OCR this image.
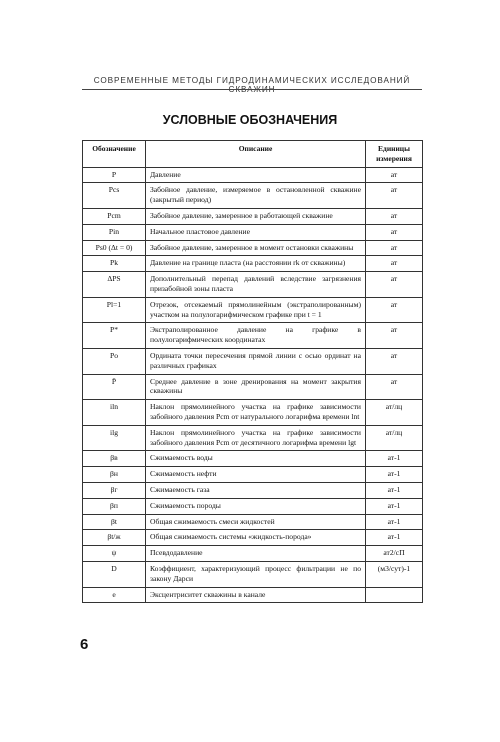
СОВРЕМЕННЫЕ МЕТОДЫ ГИДРОДИНАМИЧЕСКИХ ИССЛЕДОВАНИЙ СКВАЖИН
УСЛОВНЫЕ ОБОЗНАЧЕНИЯ
Обозначение	Описание	Единицы измерения
P	Давление	ат
Pcs	Забойное давление, измеряемое в остановленной скважине (закрытый период)	ат
Pcm	Забойное давление, замеренное в работающей скважине	ат
Pin	Начальное пластовое давление	ат
Ps0 (Δt = 0)	Забойное давление, замеренное в момент остановки скважины	ат
Pk	Давление на границе пласта (на расстоянии rk от скважины)	ат
ΔPS	Дополнительный перепад давлений вследствие загрязнения призабойной зоны пласта	ат
Pl=1	Отрезок, отсекаемый прямолинейным (экстраполированным) участком на полулогарифмическом графике при t = 1	ат
P*	Экстраполированное давление на графике в полулогарифмических координатах	ат
Po	Ордината точки пересечения прямой линии с осью ординат на различных графиках	ат
P̄	Среднее давление в зоне дренирования на момент закрытия скважины	ат
iln	Наклон прямолинейного участка на графике зависимости забойного давления Pcm от натурального логарифма времени lnt	ат/лц
ilg	Наклон прямолинейного участка на графике зависимости забойного давления Pcm от десятичного логарифма времени lgt	ат/лц
βв	Сжимаемость воды	ат-1
βн	Сжимаемость нефти	ат-1
βг	Сжимаемость газа	ат-1
βп	Сжимаемость породы	ат-1
βt	Общая сжимаемость смеси жидкостей	ат-1
βt/ж	Общая сжимаемость системы «жидкость-порода»	ат-1
ψ	Псевдодавление	ат2/сП
D	Коэффициент, характеризующий процесс фильтрации не по закону Дарси	(м3/сут)-1
e	Эксцентриситет скважины в канале	
6
